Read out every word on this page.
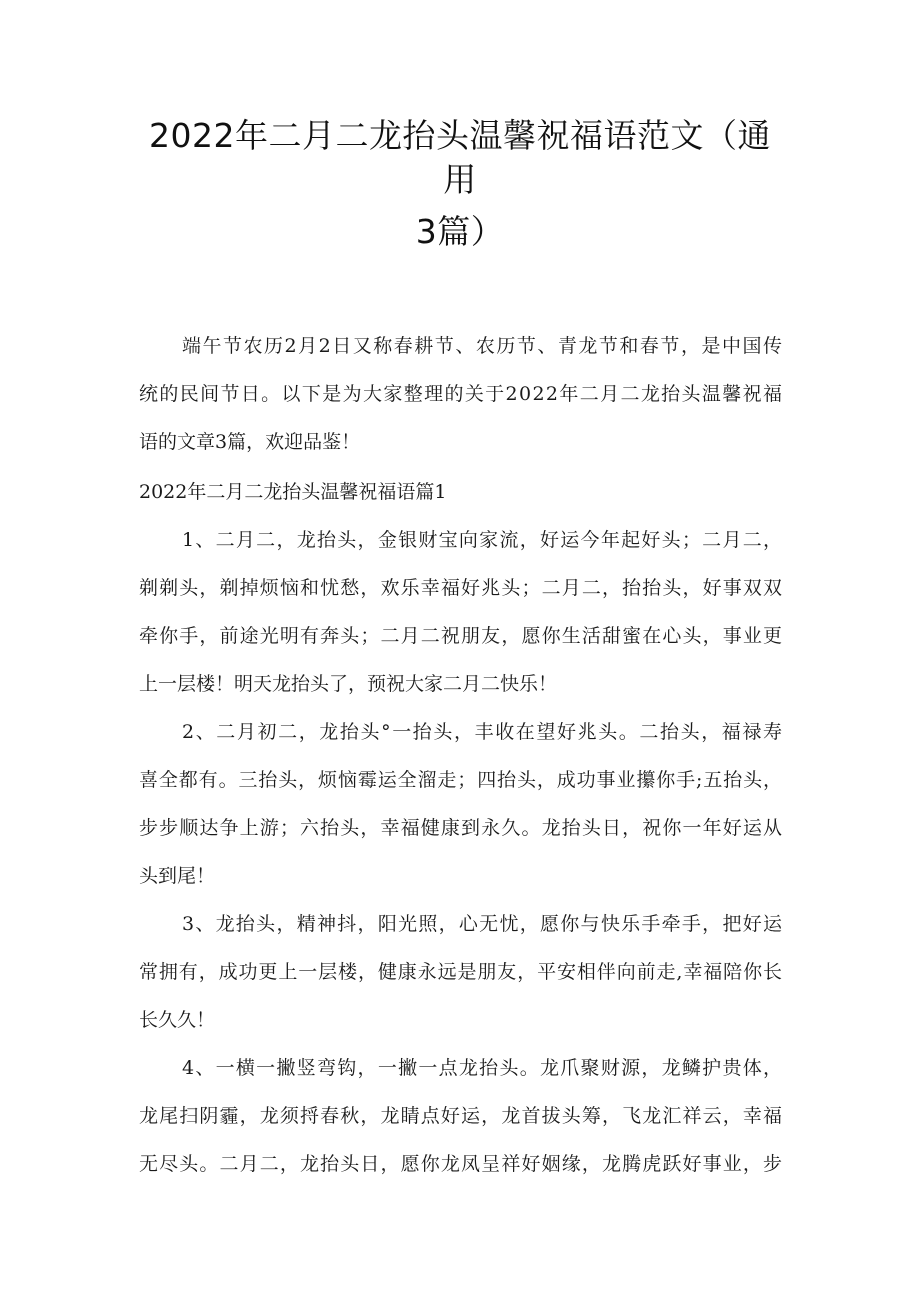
2022年二月二龙抬头温馨祝福语范文（通
用
3篇）
端午节农历2月2日又称春耕节、农历节、青龙节和春节，是中国传
统的民间节日。以下是为大家整理的关于2022年二月二龙抬头温馨祝福
语的文章3篇，欢迎品鉴！
2022年二月二龙抬头温馨祝福语篇1
1、二月二，龙抬头，金银财宝向家流，好运今年起好头；二月二，
剃剃头，剃掉烦恼和忧愁，欢乐幸福好兆头；二月二，抬抬头，好事双双
牵你手，前途光明有奔头；二月二祝朋友，愿你生活甜蜜在心头，事业更
上一层楼！明天龙抬头了，预祝大家二月二快乐！
2、二月初二，龙抬头°一抬头，丰收在望好兆头。二抬头，福禄寿
喜全都有。三抬头，烦恼霉运全溜走；四抬头，成功事业攥你手;五抬头，
步步顺达争上游；六抬头，幸福健康到永久。龙抬头日，祝你一年好运从
头到尾！
3、龙抬头，精神抖，阳光照，心无忧，愿你与快乐手牵手，把好运
常拥有，成功更上一层楼，健康永远是朋友，平安相伴向前走,幸福陪你长
长久久！
4、一横一撇竖弯钩，一撇一点龙抬头。龙爪聚财源，龙鳞护贵体，
龙尾扫阴霾，龙须捋春秋，龙睛点好运，龙首拔头筹，飞龙汇祥云，幸福
无尽头。二月二，龙抬头日，愿你龙凤呈祥好姻缘，龙腾虎跃好事业，步
